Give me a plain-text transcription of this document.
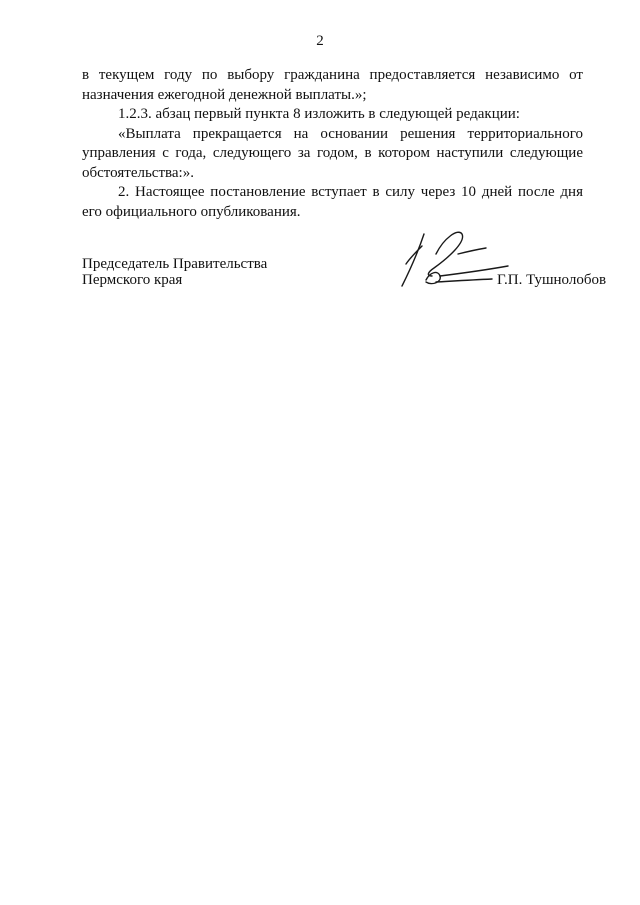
2

в текущем году по выбору гражданина предоставляется независимо от назначения ежегодной денежной выплаты.»;

1.2.3. абзац первый пункта 8 изложить в следующей редакции:

«Выплата прекращается на основании решения территориального управления с года, следующего за годом, в котором наступили следующие обстоятельства:».

2. Настоящее постановление вступает в силу через 10 дней после дня его официального опубликования.

Председатель Правительства
Пермского края	Г.П. Тушнолобов
